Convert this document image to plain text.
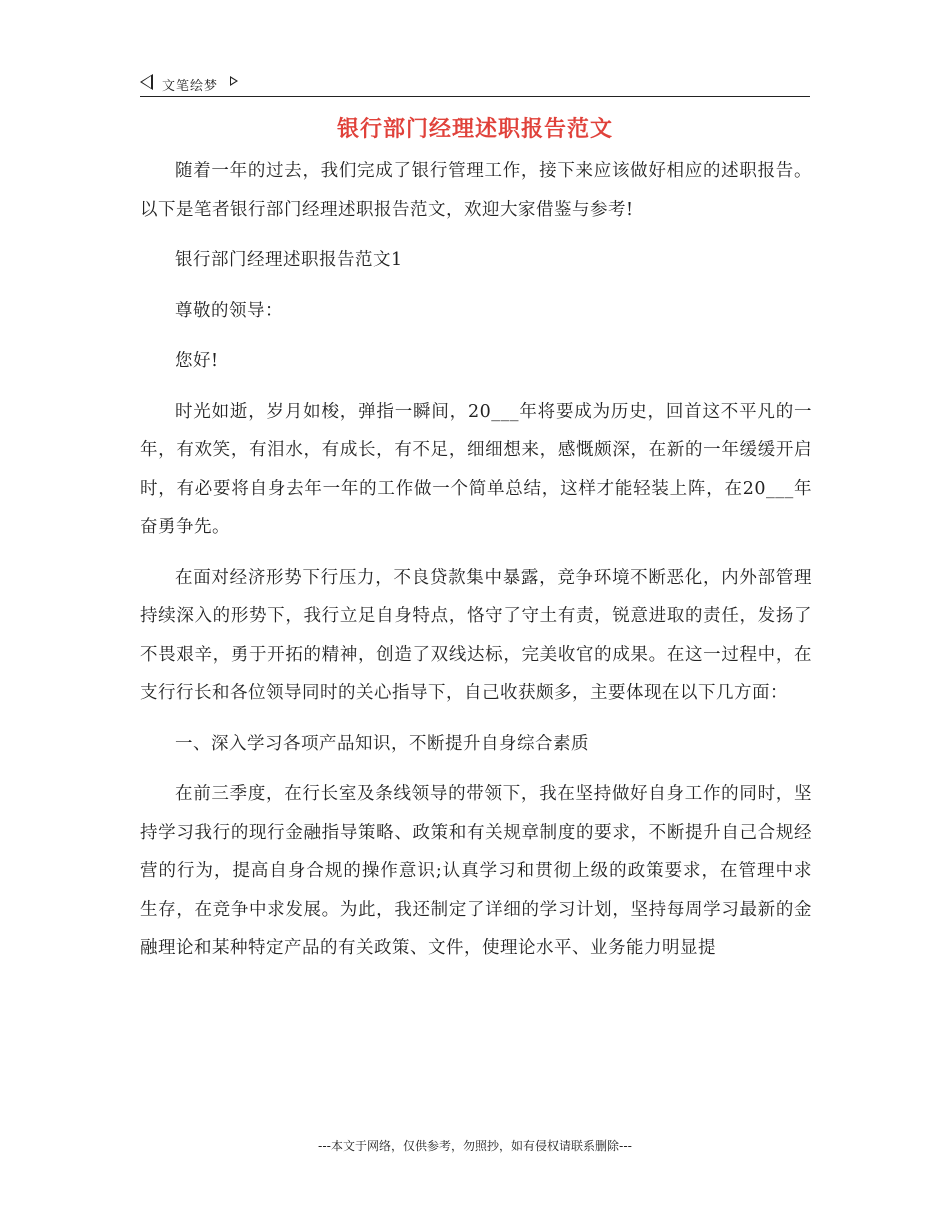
文笔绘梦
银行部门经理述职报告范文

随着一年的过去，我们完成了银行管理工作，接下来应该做好相应的述职报告。以下是笔者银行部门经理述职报告范文，欢迎大家借鉴与参考!

银行部门经理述职报告范文1

尊敬的领导：

您好!

时光如逝，岁月如梭，弹指一瞬间，20___年将要成为历史，回首这不平凡的一年，有欢笑，有泪水，有成长，有不足，细细想来，感慨颇深，在新的一年缓缓开启时，有必要将自身去年一年的工作做一个简单总结，这样才能轻装上阵，在20___年奋勇争先。

在面对经济形势下行压力，不良贷款集中暴露，竞争环境不断恶化，内外部管理持续深入的形势下，我行立足自身特点，恪守了守土有责，锐意进取的责任，发扬了不畏艰辛，勇于开拓的精神，创造了双线达标，完美收官的成果。在这一过程中，在支行行长和各位领导同时的关心指导下，自己收获颇多，主要体现在以下几方面：

一、深入学习各项产品知识，不断提升自身综合素质

在前三季度，在行长室及条线领导的带领下，我在坚持做好自身工作的同时，坚持学习我行的现行金融指导策略、政策和有关规章制度的要求，不断提升自己合规经营的行为，提高自身合规的操作意识;认真学习和贯彻上级的政策要求，在管理中求生存，在竞争中求发展。为此，我还制定了详细的学习计划，坚持每周学习最新的金融理论和某种特定产品的有关政策、文件，使理论水平、业务能力明显提

---本文于网络，仅供参考，勿照抄，如有侵权请联系删除---
